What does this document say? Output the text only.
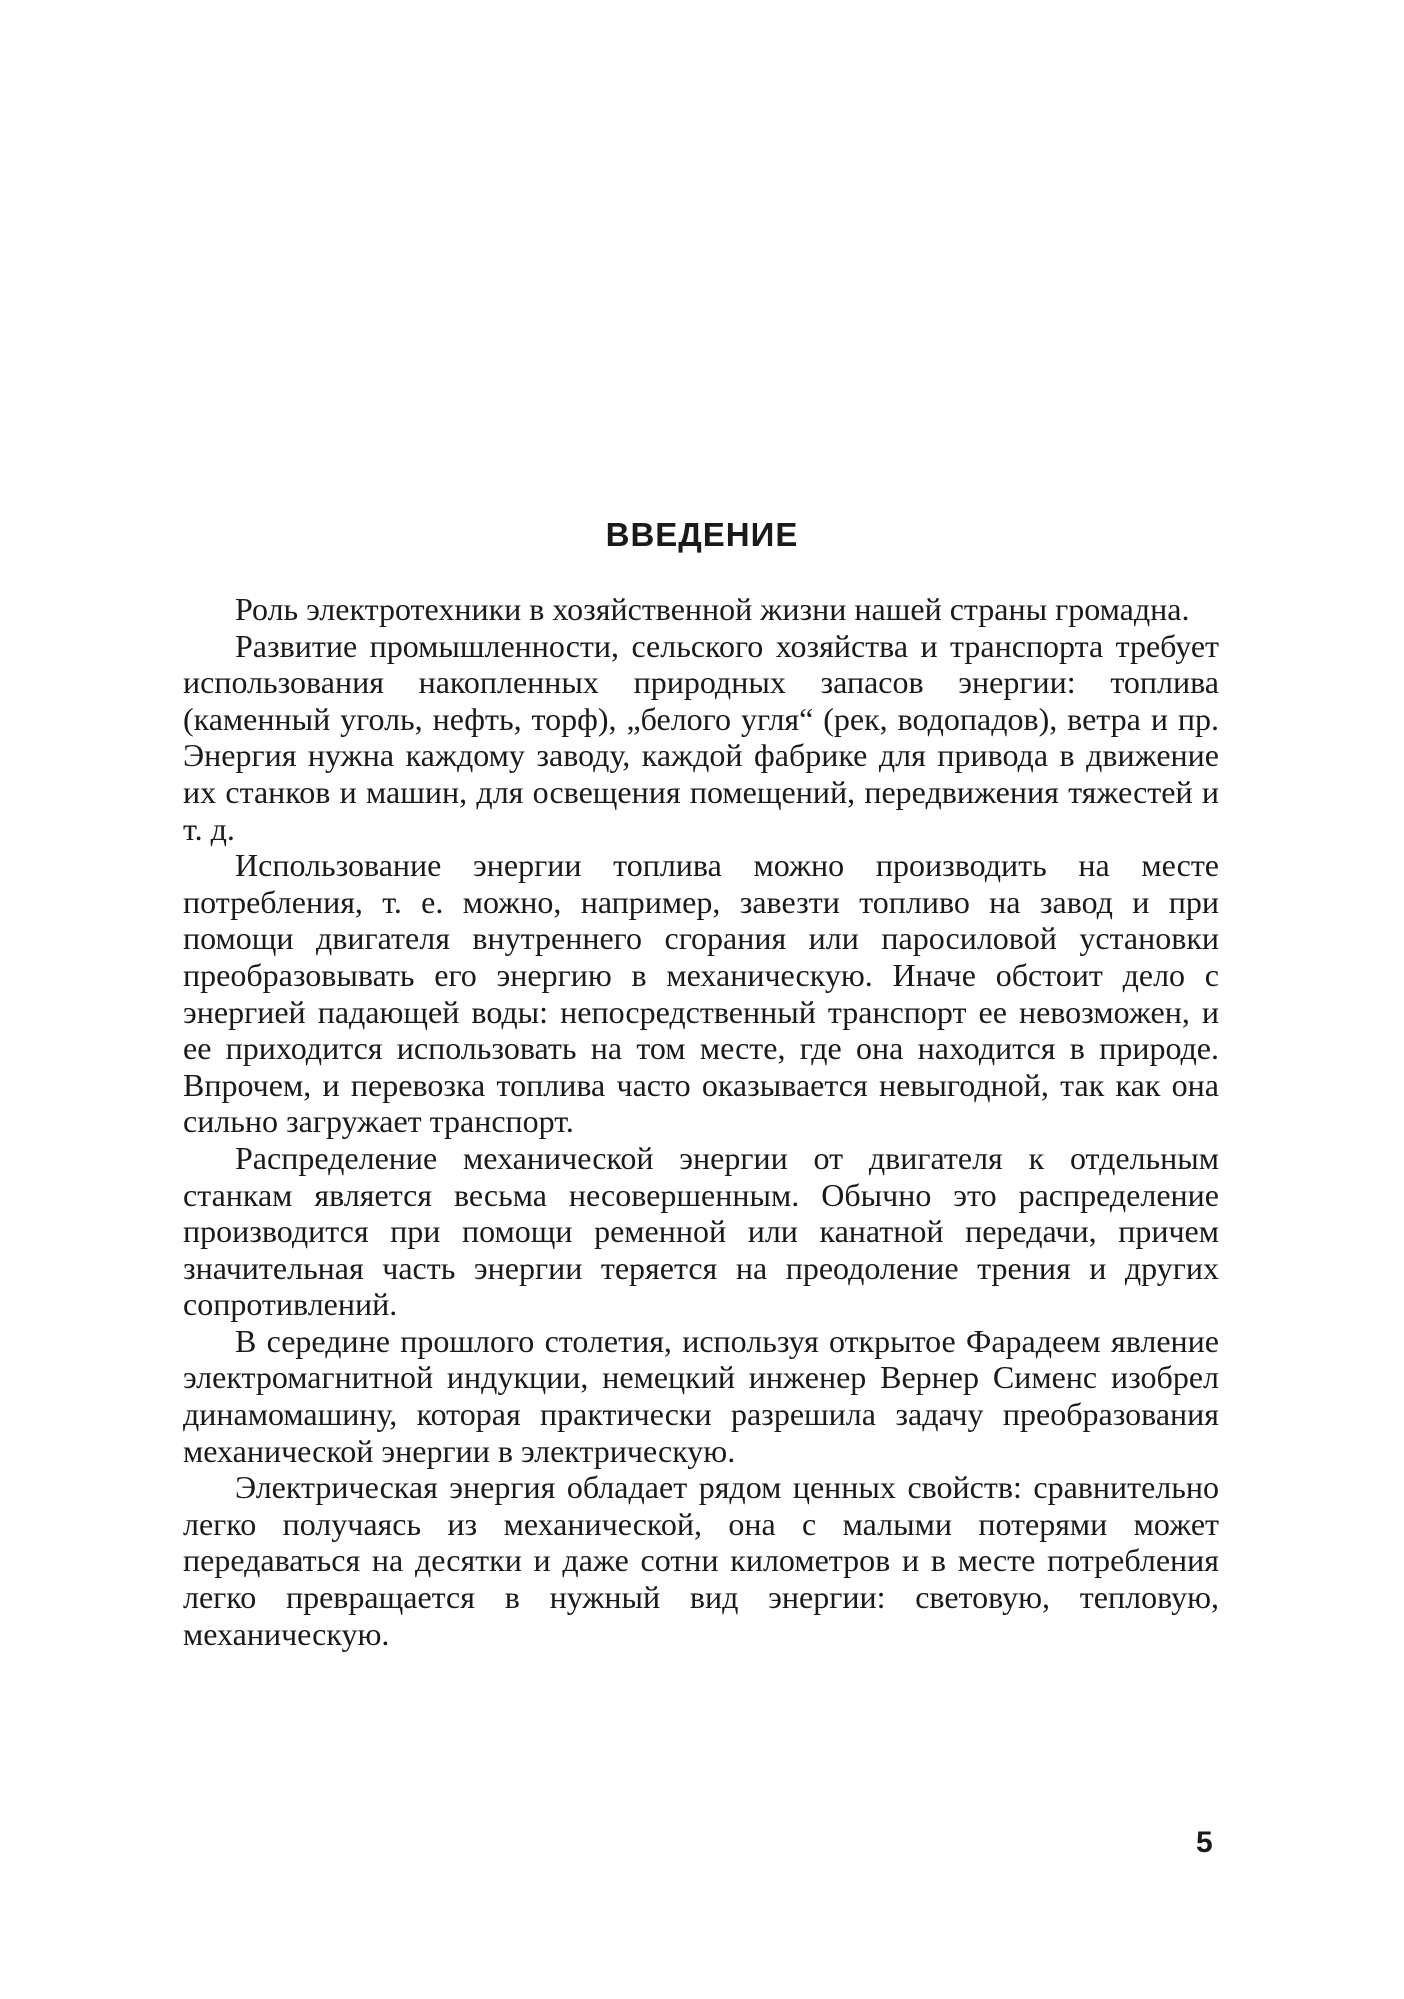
ВВЕДЕНИЕ

Роль электротехники в хозяйственной жизни нашей страны громадна.

Развитие промышленности, сельского хозяйства и транспорта требует использования накопленных природных запасов энергии: топлива (каменный уголь, нефть, торф), „белого угля“ (рек, водопадов), ветра и пр. Энергия нужна каждому заводу, каждой фабрике для привода в движение их станков и машин, для освещения помещений, передвижения тяжестей и т. д.

Использование энергии топлива можно производить на месте потребления, т. е. можно, например, завезти топливо на завод и при помощи двигателя внутреннего сгорания или паросиловой установки преобразовывать его энергию в механическую. Иначе обстоит дело с энергией падающей воды: непосредственный транспорт ее невозможен, и ее приходится использовать на том месте, где она находится в природе. Впрочем, и перевозка топлива часто оказывается невыгодной, так как она сильно загружает транспорт.

Распределение механической энергии от двигателя к отдельным станкам является весьма несовершенным. Обычно это распределение производится при помощи ременной или канатной передачи, причем значительная часть энергии теряется на преодоление трения и других сопротивлений.

В середине прошлого столетия, используя открытое Фарадеем явление электромагнитной индукции, немецкий инженер Вернер Сименс изобрел динамомашину, которая практически разрешила задачу преобразования механической энергии в электрическую.

Электрическая энергия обладает рядом ценных свойств: сравнительно легко получаясь из механической, она с малыми потерями может передаваться на десятки и даже сотни километров и в месте потребления легко превращается в нужный вид энергии: световую, тепловую, механическую.

5
